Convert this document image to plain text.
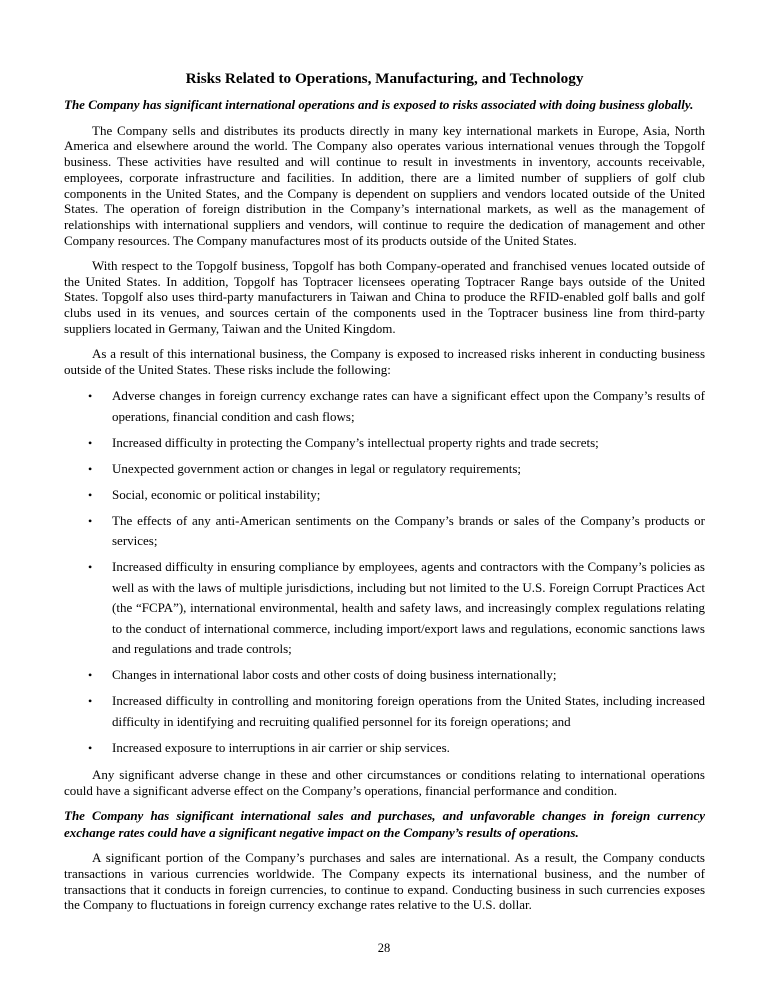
Risks Related to Operations, Manufacturing, and Technology

The Company has significant international operations and is exposed to risks associated with doing business globally.

The Company sells and distributes its products directly in many key international markets in Europe, Asia, North America and elsewhere around the world. The Company also operates various international venues through the Topgolf business. These activities have resulted and will continue to result in investments in inventory, accounts receivable, employees, corporate infrastructure and facilities. In addition, there are a limited number of suppliers of golf club components in the United States, and the Company is dependent on suppliers and vendors located outside of the United States. The operation of foreign distribution in the Company’s international markets, as well as the management of relationships with international suppliers and vendors, will continue to require the dedication of management and other Company resources. The Company manufactures most of its products outside of the United States.

With respect to the Topgolf business, Topgolf has both Company-operated and franchised venues located outside of the United States. In addition, Topgolf has Toptracer licensees operating Toptracer Range bays outside of the United States. Topgolf also uses third-party manufacturers in Taiwan and China to produce the RFID-enabled golf balls and golf clubs used in its venues, and sources certain of the components used in the Toptracer business line from third-party suppliers located in Germany, Taiwan and the United Kingdom.

As a result of this international business, the Company is exposed to increased risks inherent in conducting business outside of the United States. These risks include the following:

•	Adverse changes in foreign currency exchange rates can have a significant effect upon the Company’s results of operations, financial condition and cash flows;
•	Increased difficulty in protecting the Company’s intellectual property rights and trade secrets;
•	Unexpected government action or changes in legal or regulatory requirements;
•	Social, economic or political instability;
•	The effects of any anti-American sentiments on the Company’s brands or sales of the Company’s products or services;
•	Increased difficulty in ensuring compliance by employees, agents and contractors with the Company’s policies as well as with the laws of multiple jurisdictions, including but not limited to the U.S. Foreign Corrupt Practices Act (the “FCPA”), international environmental, health and safety laws, and increasingly complex regulations relating to the conduct of international commerce, including import/export laws and regulations, economic sanctions laws and regulations and trade controls;
•	Changes in international labor costs and other costs of doing business internationally;
•	Increased difficulty in controlling and monitoring foreign operations from the United States, including increased difficulty in identifying and recruiting qualified personnel for its foreign operations; and
•	Increased exposure to interruptions in air carrier or ship services.

Any significant adverse change in these and other circumstances or conditions relating to international operations could have a significant adverse effect on the Company’s operations, financial performance and condition.

The Company has significant international sales and purchases, and unfavorable changes in foreign currency exchange rates could have a significant negative impact on the Company’s results of operations.

A significant portion of the Company’s purchases and sales are international. As a result, the Company conducts transactions in various currencies worldwide. The Company expects its international business, and the number of transactions that it conducts in foreign currencies, to continue to expand. Conducting business in such currencies exposes the Company to fluctuations in foreign currency exchange rates relative to the U.S. dollar.

28
